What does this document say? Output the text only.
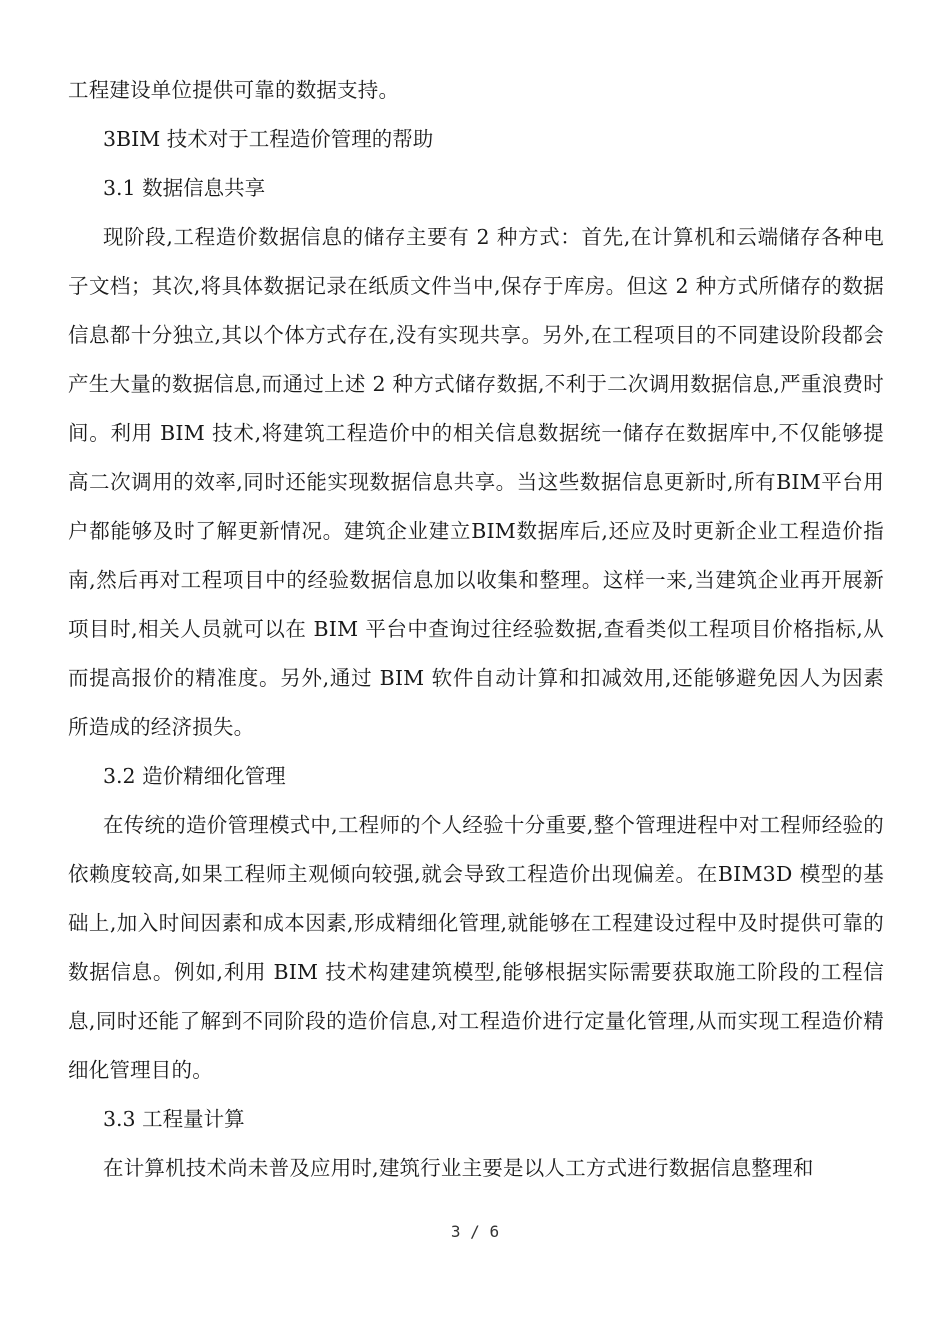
工程建设单位提供可靠的数据支持。

3BIM 技术对于工程造价管理的帮助

3.1 数据信息共享

现阶段,工程造价数据信息的储存主要有 2 种方式：首先,在计算机和云端储存各种电子文档；其次,将具体数据记录在纸质文件当中,保存于库房。但这 2 种方式所储存的数据信息都十分独立,其以个体方式存在,没有实现共享。另外,在工程项目的不同建设阶段都会产生大量的数据信息,而通过上述 2 种方式储存数据,不利于二次调用数据信息,严重浪费时间。利用 BIM 技术,将建筑工程造价中的相关信息数据统一储存在数据库中,不仅能够提高二次调用的效率,同时还能实现数据信息共享。当这些数据信息更新时,所有BIM平台用户都能够及时了解更新情况。建筑企业建立BIM数据库后,还应及时更新企业工程造价指南,然后再对工程项目中的经验数据信息加以收集和整理。这样一来,当建筑企业再开展新项目时,相关人员就可以在 BIM 平台中查询过往经验数据,查看类似工程项目价格指标,从而提高报价的精准度。另外,通过 BIM 软件自动计算和扣减效用,还能够避免因人为因素所造成的经济损失。

3.2 造价精细化管理

在传统的造价管理模式中,工程师的个人经验十分重要,整个管理进程中对工程师经验的依赖度较高,如果工程师主观倾向较强,就会导致工程造价出现偏差。在BIM3D 模型的基础上,加入时间因素和成本因素,形成精细化管理,就能够在工程建设过程中及时提供可靠的数据信息。例如,利用 BIM 技术构建建筑模型,能够根据实际需要获取施工阶段的工程信息,同时还能了解到不同阶段的造价信息,对工程造价进行定量化管理,从而实现工程造价精细化管理目的。

3.3 工程量计算

在计算机技术尚未普及应用时,建筑行业主要是以人工方式进行数据信息整理和

3 / 6
